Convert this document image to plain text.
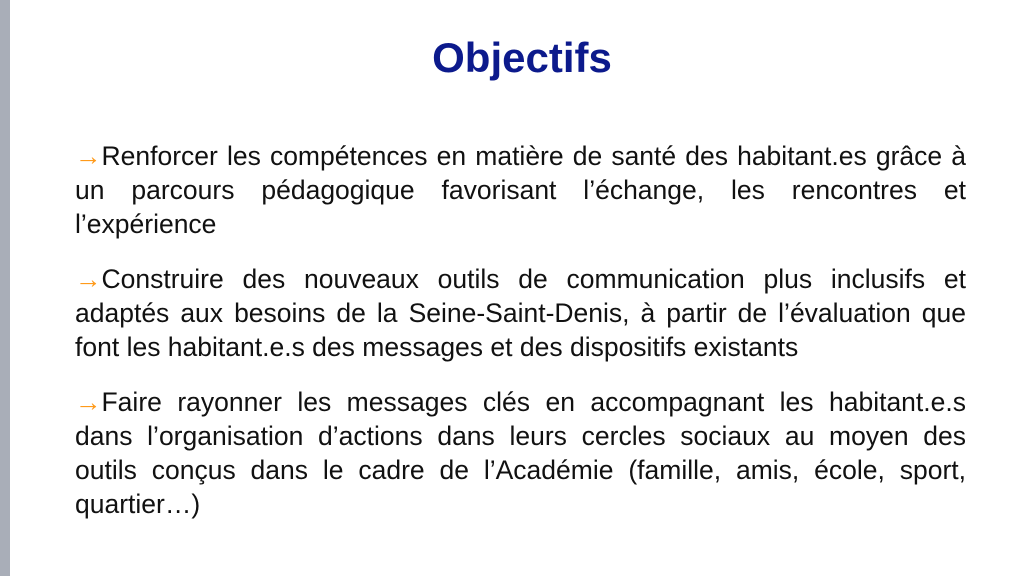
Objectifs
→Renforcer les compétences en matière de santé des habitant.es grâce à un parcours pédagogique favorisant l’échange, les rencontres et l’expérience
→Construire des nouveaux outils de communication plus inclusifs et adaptés aux besoins de la Seine-Saint-Denis, à partir de l’évaluation que font les habitant.e.s des messages et des dispositifs existants
→Faire rayonner les messages clés en accompagnant les habitant.e.s dans l’organisation d’actions dans leurs cercles sociaux au moyen des outils conçus dans le cadre de l’Académie (famille, amis, école, sport, quartier…)
